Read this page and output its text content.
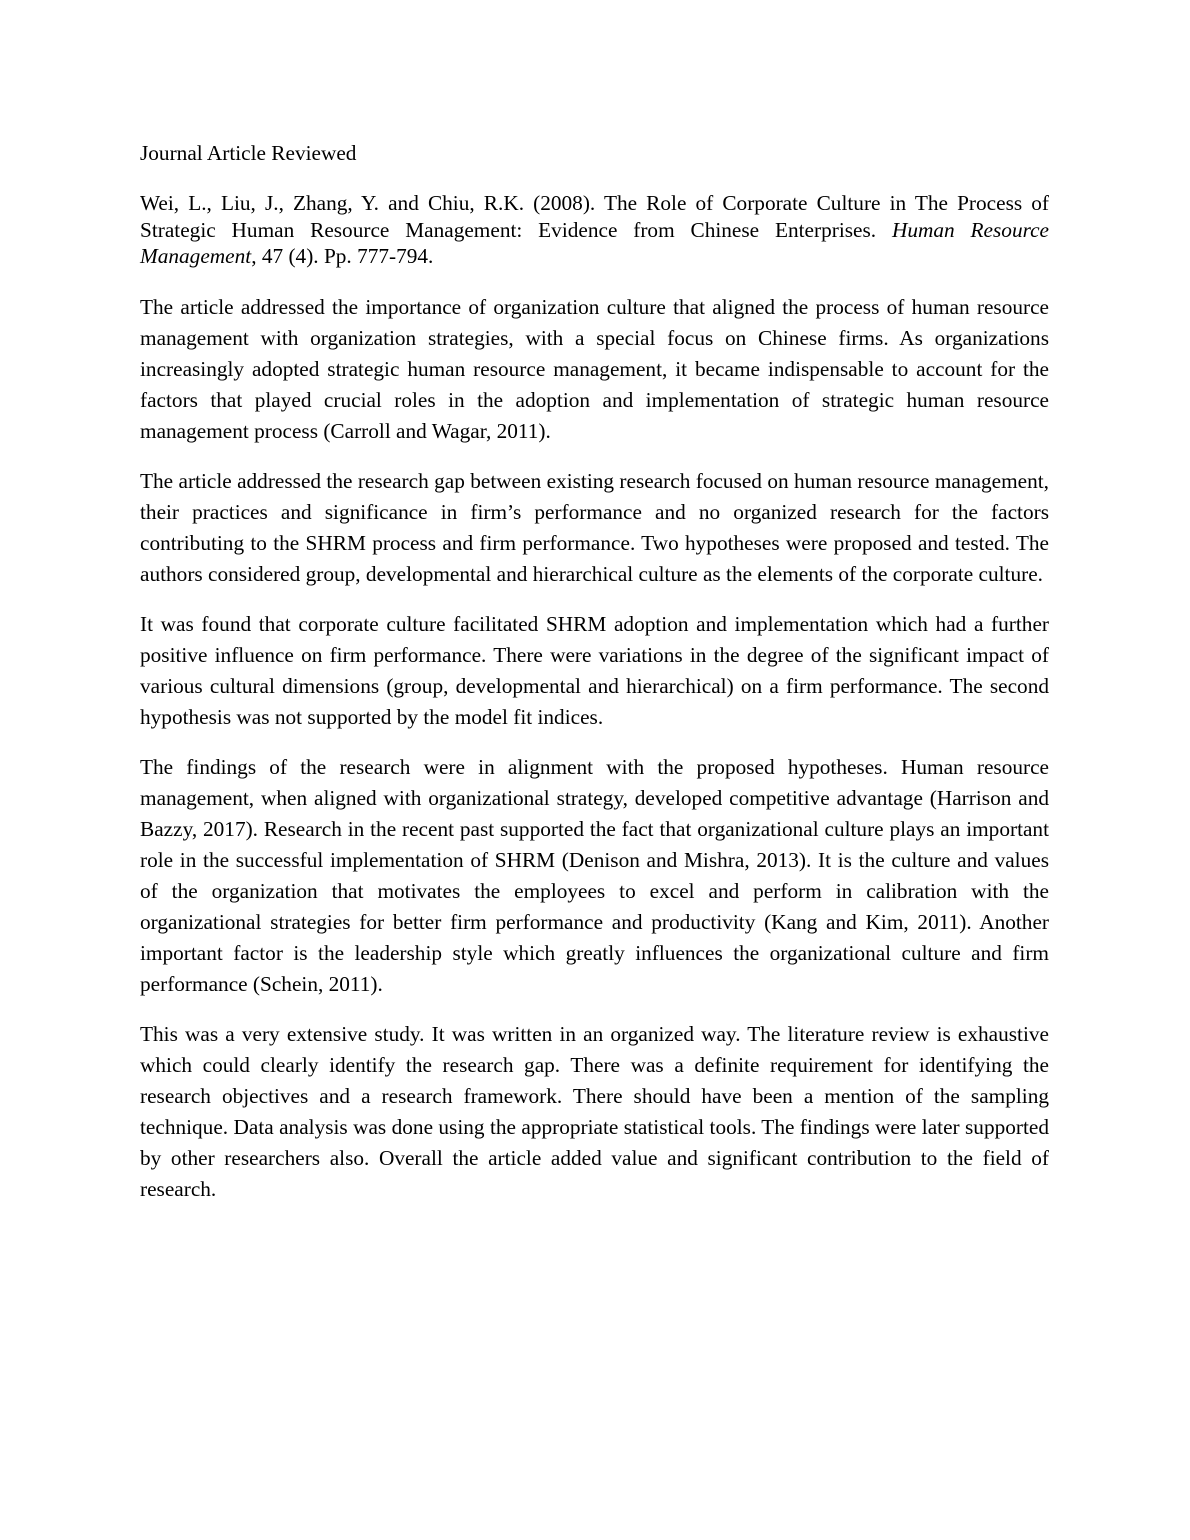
Journal Article Reviewed

Wei, L., Liu, J., Zhang, Y. and Chiu, R.K. (2008). The Role of Corporate Culture in The Process of Strategic Human Resource Management: Evidence from Chinese Enterprises. Human Resource Management, 47 (4). Pp. 777-794.

The article addressed the importance of organization culture that aligned the process of human resource management with organization strategies, with a special focus on Chinese firms. As organizations increasingly adopted strategic human resource management, it became indispensable to account for the factors that played crucial roles in the adoption and implementation of strategic human resource management process (Carroll and Wagar, 2011).

The article addressed the research gap between existing research focused on human resource management, their practices and significance in firm’s performance and no organized research for the factors contributing to the SHRM process and firm performance. Two hypotheses were proposed and tested. The authors considered group, developmental and hierarchical culture as the elements of the corporate culture.

It was found that corporate culture facilitated SHRM adoption and implementation which had a further positive influence on firm performance. There were variations in the degree of the significant impact of various cultural dimensions (group, developmental and hierarchical) on a firm performance. The second hypothesis was not supported by the model fit indices.

The findings of the research were in alignment with the proposed hypotheses. Human resource management, when aligned with organizational strategy, developed competitive advantage (Harrison and Bazzy, 2017). Research in the recent past supported the fact that organizational culture plays an important role in the successful implementation of SHRM (Denison and Mishra, 2013). It is the culture and values of the organization that motivates the employees to excel and perform in calibration with the organizational strategies for better firm performance and productivity (Kang and Kim, 2011). Another important factor is the leadership style which greatly influences the organizational culture and firm performance (Schein, 2011).

This was a very extensive study. It was written in an organized way. The literature review is exhaustive which could clearly identify the research gap. There was a definite requirement for identifying the research objectives and a research framework. There should have been a mention of the sampling technique. Data analysis was done using the appropriate statistical tools. The findings were later supported by other researchers also. Overall the article added value and significant contribution to the field of research.
